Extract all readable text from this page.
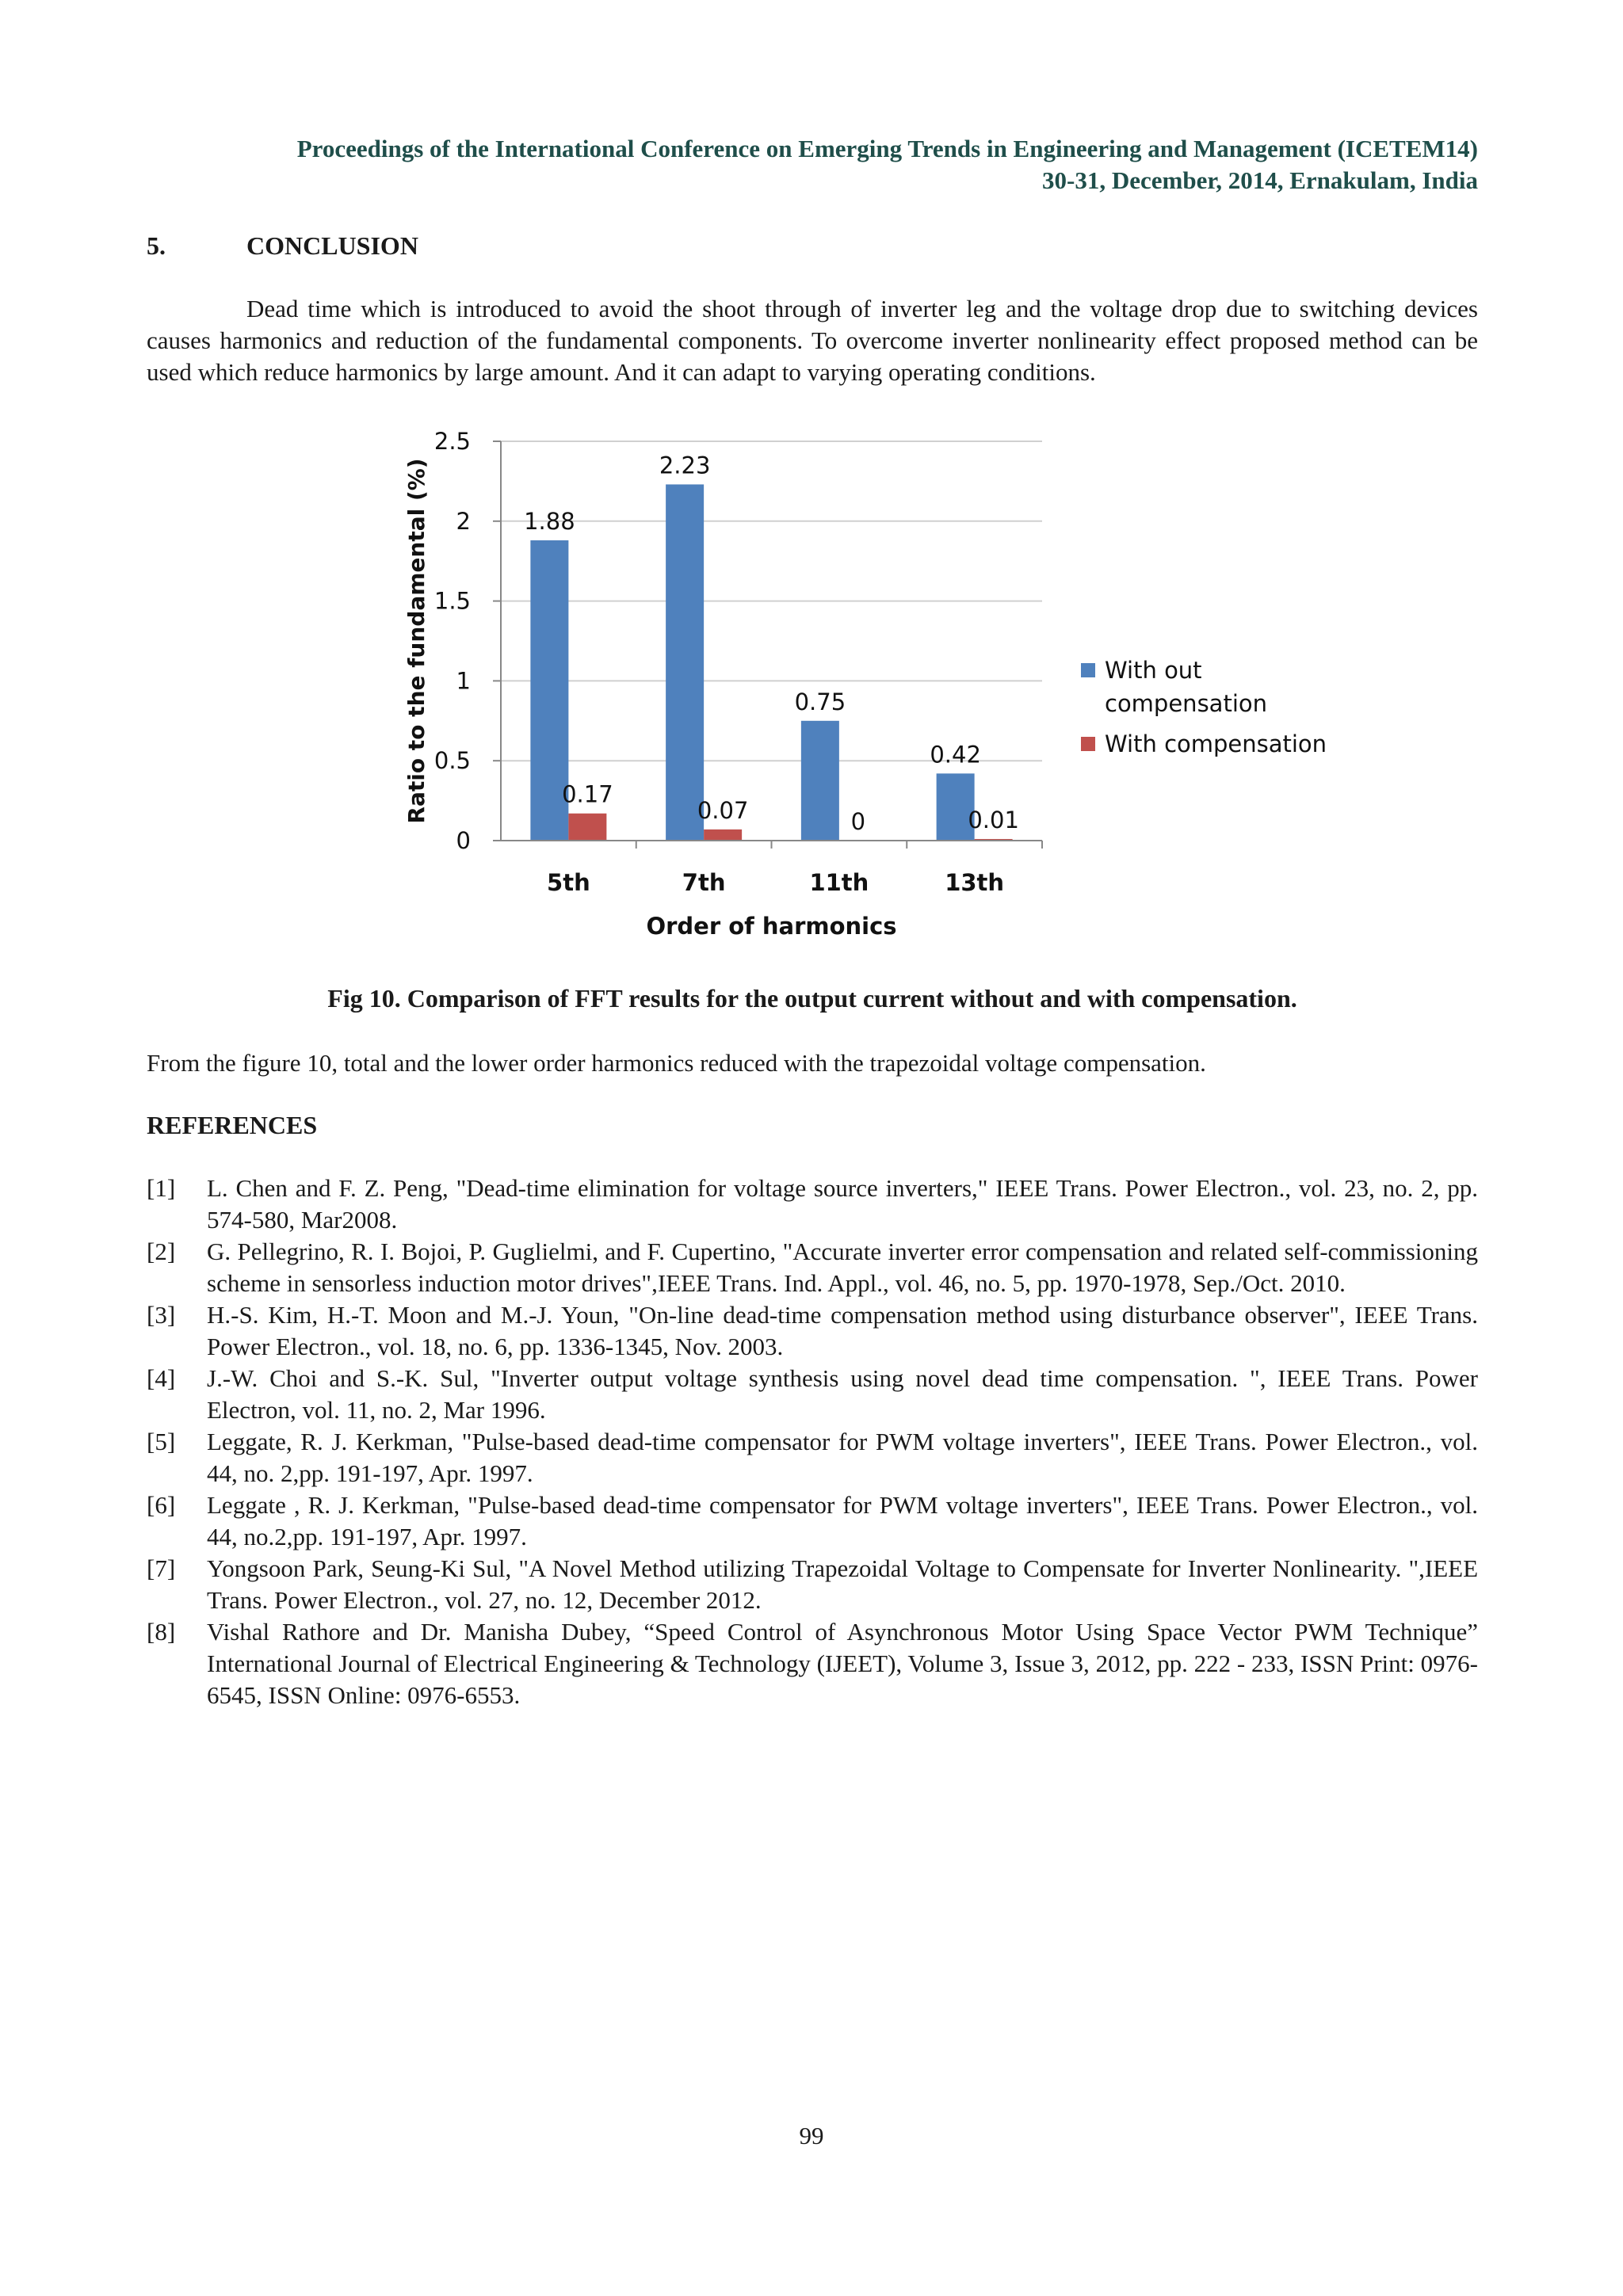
Proceedings of the International Conference on Emerging Trends in Engineering and Management (ICETEM14)
30-31, December, 2014, Ernakulam, India
5.	CONCLUSION

Dead time which is introduced to avoid the shoot through of inverter leg and the voltage drop due to switching devices causes harmonics and reduction of the fundamental components. To overcome inverter nonlinearity effect proposed method can be used which reduce harmonics by large amount. And it can adapt to varying operating conditions.

0
0.5
1
1.5
2
2.5
1.88
0.17
2.23
0.07
0.75
0
0.42
0.01
5th	7th	11th	13th
Ratio to the fundamental (%)
Order of harmonics
With out
compensation
With compensation
Fig 10. Comparison of FFT results for the output current without and with compensation.

From the figure 10, total and the lower order harmonics reduced with the trapezoidal voltage compensation.

REFERENCES
[1]	L. Chen and F. Z. Peng, "Dead-time elimination for voltage source inverters," IEEE Trans. Power Electron., vol. 23, no. 2, pp. 574-580, Mar2008.
[2]	G. Pellegrino, R. I. Bojoi, P. Guglielmi, and F. Cupertino, "Accurate inverter error compensation and related self-commissioning scheme in sensorless induction motor drives",IEEE Trans. Ind. Appl., vol. 46, no. 5, pp. 1970-1978, Sep./Oct. 2010.
[3]	H.-S. Kim, H.-T. Moon and M.-J. Youn, "On-line dead-time compensation method using disturbance observer", IEEE Trans. Power Electron., vol. 18, no. 6, pp. 1336-1345, Nov. 2003.
[4]	J.-W. Choi and S.-K. Sul, "Inverter output voltage synthesis using novel dead time compensation. ", IEEE Trans. Power Electron, vol. 11, no. 2, Mar 1996.
[5]	Leggate, R. J. Kerkman, "Pulse-based dead-time compensator for PWM voltage inverters", IEEE Trans. Power Electron., vol. 44, no. 2,pp. 191-197, Apr. 1997.
[6]	Leggate , R. J. Kerkman, "Pulse-based dead-time compensator for PWM voltage inverters", IEEE Trans. Power Electron., vol. 44, no.2,pp. 191-197, Apr. 1997.
[7]	Yongsoon Park, Seung-Ki Sul, "A Novel Method utilizing Trapezoidal Voltage to Compensate for Inverter Nonlinearity. ",IEEE Trans. Power Electron., vol. 27, no. 12, December 2012.
[8]	Vishal Rathore and Dr. Manisha Dubey, “Speed Control of Asynchronous Motor Using Space Vector PWM Technique” International Journal of Electrical Engineering & Technology (IJEET), Volume 3, Issue 3, 2012, pp. 222 - 233, ISSN Print: 0976-6545, ISSN Online: 0976-6553.
99
